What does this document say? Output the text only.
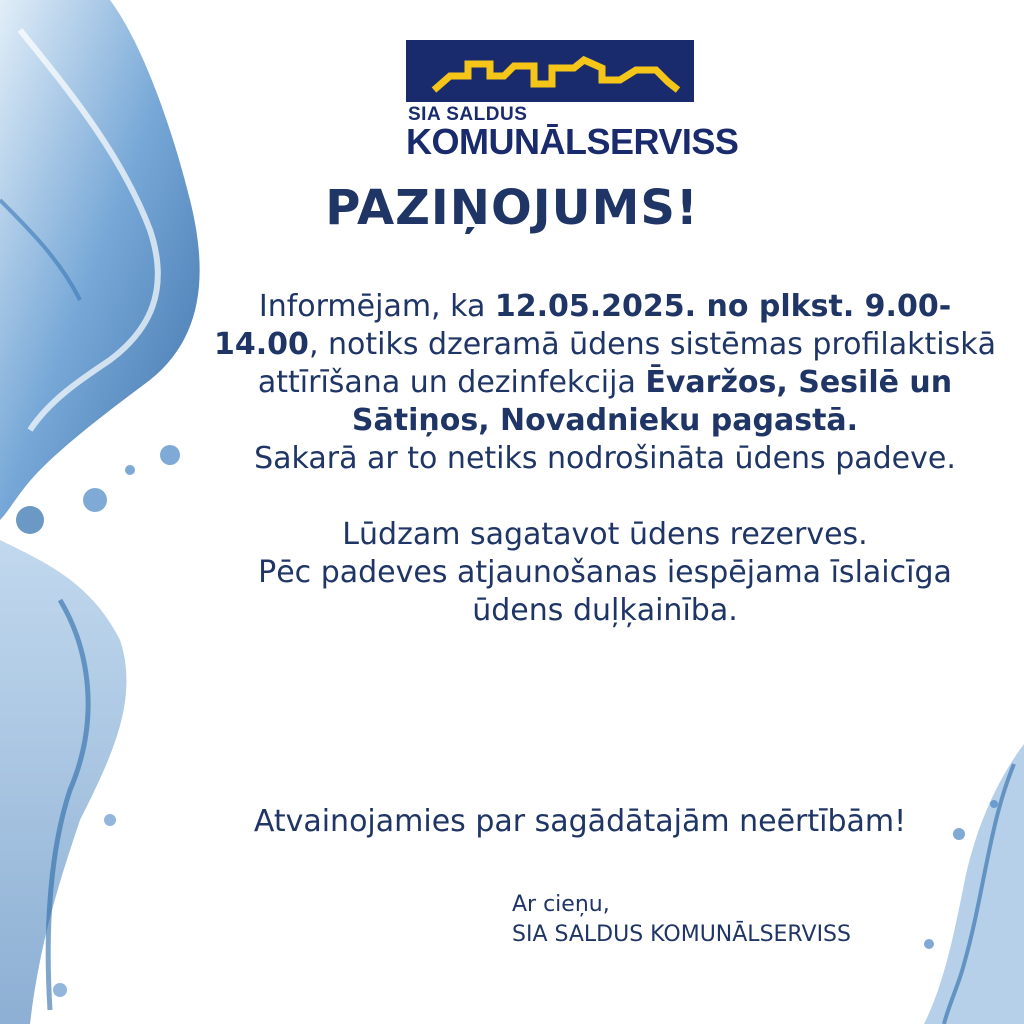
SIA SALDUS
KOMUNĀLSERVISS
PAZIŅOJUMS!

Informējam, ka 12.05.2025. no plkst. 9.00-14.00, notiks dzeramā ūdens sistēmas profilaktiskā attīrīšana un dezinfekcija Ēvaržos, Sesilē un Sātiņos, Novadnieku pagastā.

Sakarā ar to netiks nodrošināta ūdens padeve.

Lūdzam sagatavot ūdens rezerves.

Pēc padeves atjaunošanas iespējama īslaicīga ūdens duļķainība.

Atvainojamies par sagādātajām neērtībām!
Ar cieņu,
SIA SALDUS KOMUNĀLSERVISS
